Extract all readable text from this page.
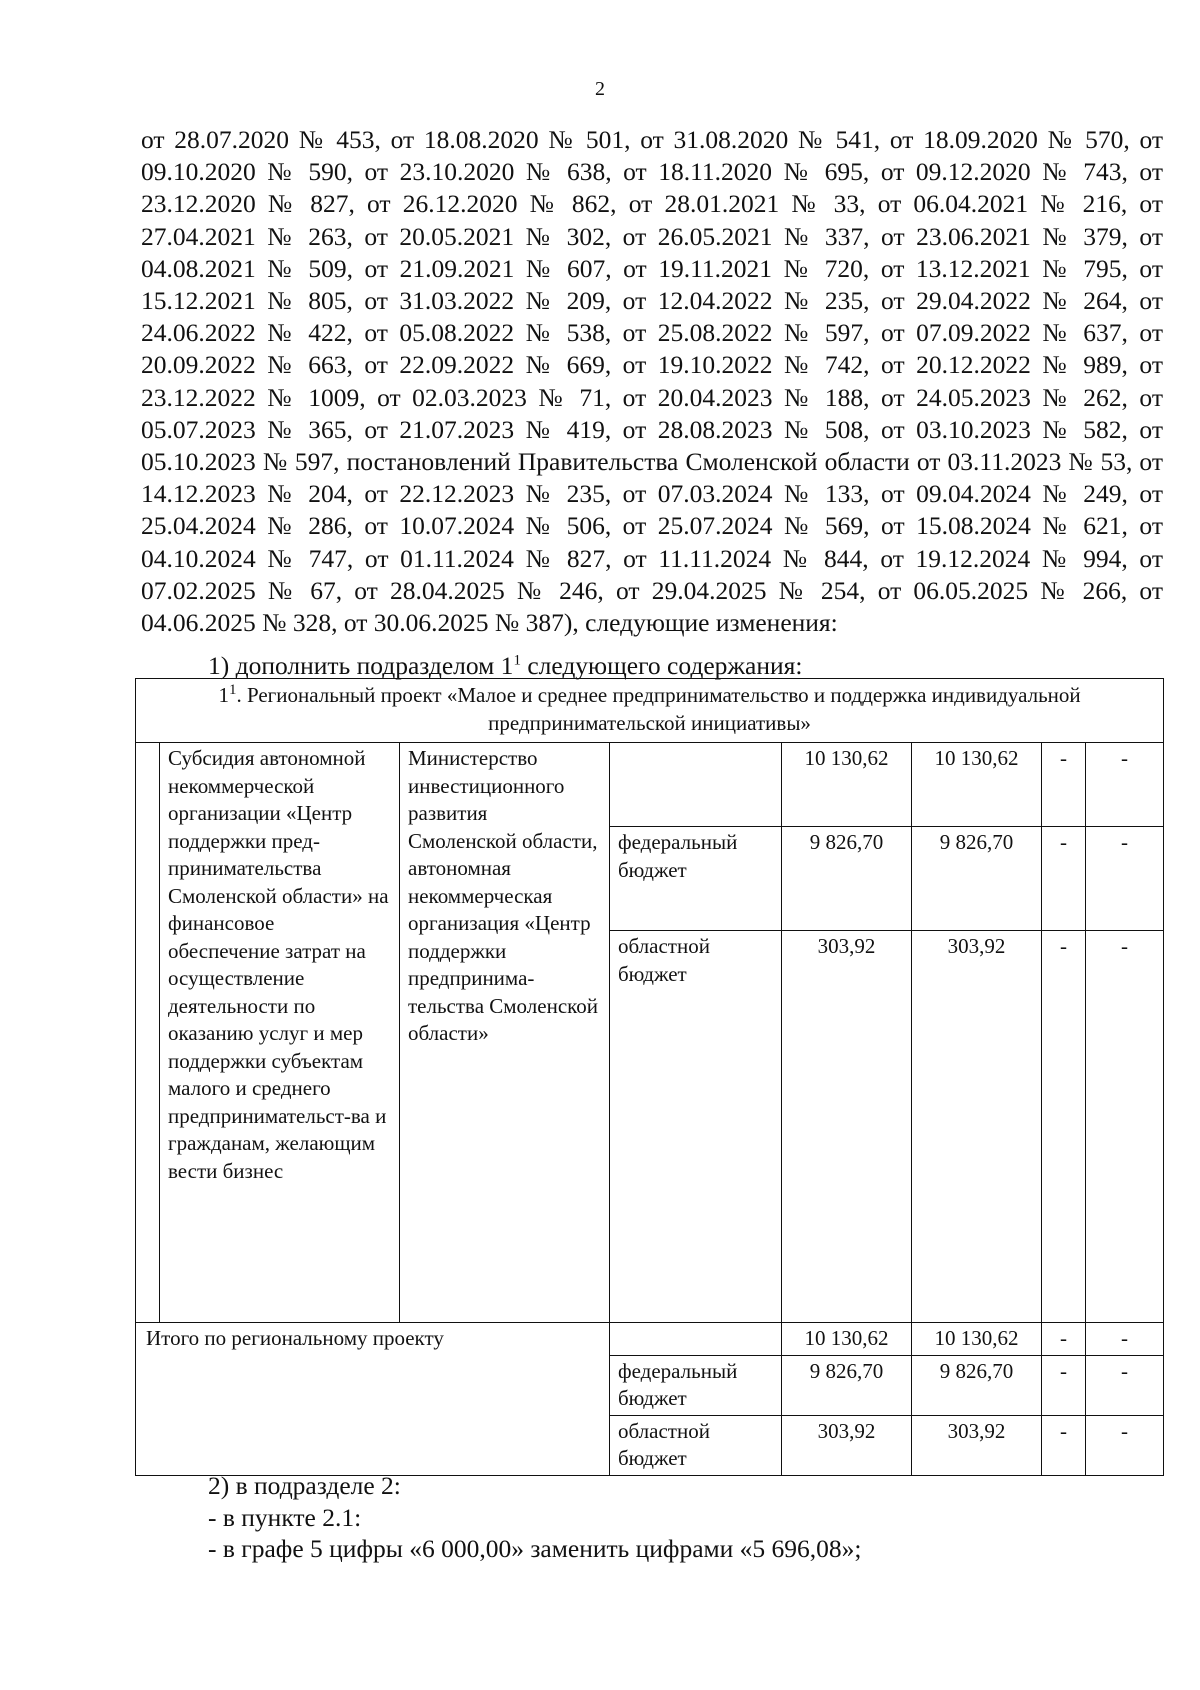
2

от 28.07.2020 № 453, от 18.08.2020 № 501, от 31.08.2020 № 541, от 18.09.2020 № 570, от 09.10.2020 № 590, от 23.10.2020 № 638, от 18.11.2020 № 695, от 09.12.2020 № 743, от 23.12.2020 № 827, от 26.12.2020 № 862, от 28.01.2021 № 33, от 06.04.2021 № 216, от 27.04.2021 № 263, от 20.05.2021 № 302, от 26.05.2021 № 337, от 23.06.2021 № 379, от 04.08.2021 № 509, от 21.09.2021 № 607, от 19.11.2021 № 720, от 13.12.2021 № 795, от 15.12.2021 № 805, от 31.03.2022 № 209, от 12.04.2022 № 235, от 29.04.2022 № 264, от 24.06.2022 № 422, от 05.08.2022 № 538, от 25.08.2022 № 597, от 07.09.2022 № 637, от 20.09.2022 № 663, от 22.09.2022 № 669, от 19.10.2022 № 742, от 20.12.2022 № 989, от 23.12.2022 № 1009, от 02.03.2023 № 71, от 20.04.2023 № 188, от 24.05.2023 № 262, от 05.07.2023 № 365, от 21.07.2023 № 419, от 28.08.2023 № 508, от 03.10.2023 № 582, от 05.10.2023 № 597, постановлений Правительства Смоленской области от 03.11.2023 № 53, от 14.12.2023 № 204, от 22.12.2023 № 235, от 07.03.2024 № 133, от 09.04.2024 № 249, от 25.04.2024 № 286, от 10.07.2024 № 506, от 25.07.2024 № 569, от 15.08.2024 № 621, от 04.10.2024 № 747, от 01.11.2024 № 827, от 11.11.2024 № 844, от 19.12.2024 № 994, от 07.02.2025 № 67, от 28.04.2025 № 246, от 29.04.2025 № 254, от 06.05.2025 № 266, от 04.06.2025 № 328, от 30.06.2025 № 387), следующие изменения:

1) дополнить подразделом $1^1$ следующего содержания:
$1^1$. Региональный проект «Малое и среднее предпринимательство и поддержка индивидуальной предпринимательской инициативы»							
	Субсидия автономной некоммерческой организации «Центр поддержки пред-принимательства Смоленской области» на финансовое обеспечение затрат на осуществление деятельности по оказанию услуг и мер поддержки субъектам малого и среднего предпринимательст-ва и гражданам, желающим вести бизнес	Министерство инвестиционного развития Смоленской области, автономная некоммерческая организация «Центр поддержки предпринима-тельства Смоленской области»		10 130,62	10 130,62	-	-
			федеральный бюджет	9 826,70	9 826,70	-	-
			областной бюджет	303,92	303,92	-	-
Итого по региональному проекту				10 130,62	10 130,62	-	-
			федеральный бюджет	9 826,70	9 826,70	-	-
			областной бюджет	303,92	303,92	-	-
2) в подразделе 2:
- в пункте 2.1:
- в графе 5 цифры «6 000,00» заменить цифрами «5 696,08»;
